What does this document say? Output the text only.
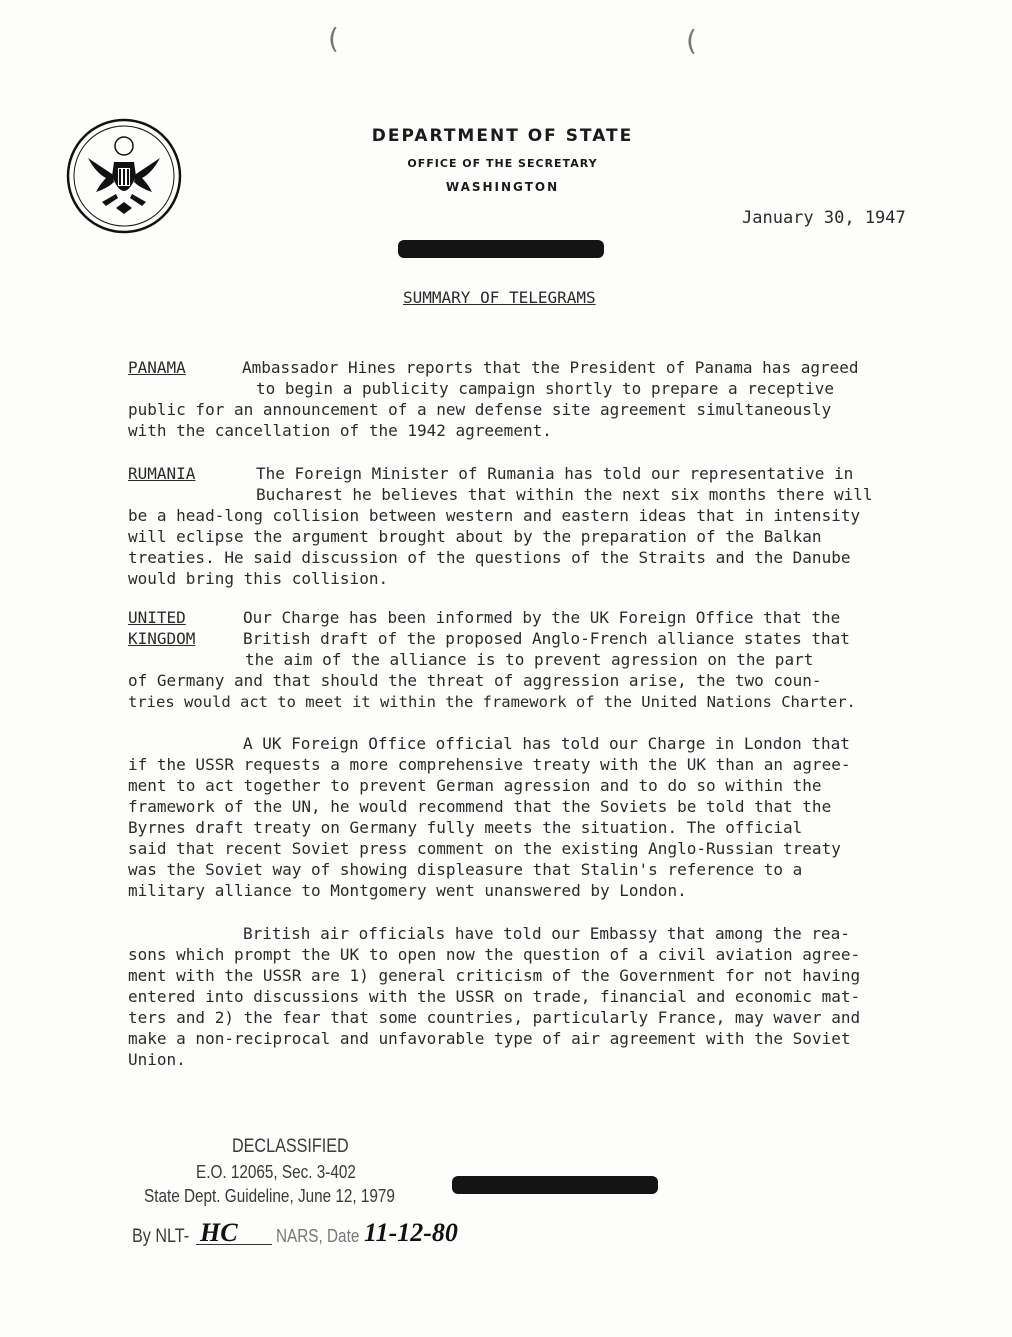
DEPARTMENT OF STATE
OFFICE OF THE SECRETARY
WASHINGTON
(	(
January 30, 1947
SUMMARY OF TELEGRAMS
PANAMA	Ambassador Hines reports that the President of Panama has agreed
to begin a publicity campaign shortly to prepare a receptive
public for an announcement of a new defense site agreement simultaneously
with the cancellation of the 1942 agreement.
RUMANIA	The Foreign Minister of Rumania has told our representative in
Bucharest he believes that within the next six months there will
be a head-long collision between western and eastern ideas that in intensity
will eclipse the argument brought about by the preparation of the Balkan
treaties. He said discussion of the questions of the Straits and the Danube
would bring this collision.
UNITED
KINGDOM
Our Charge has been informed by the UK Foreign Office that the
British draft of the proposed Anglo-French alliance states that
the aim of the alliance is to prevent agression on the part
of Germany and that should the threat of aggression arise, the two coun-
tries would act to meet it within the framework of the United Nations Charter.
A UK Foreign Office official has told our Charge in London that
if the USSR requests a more comprehensive treaty with the UK than an agree-
ment to act together to prevent German agression and to do so within the
framework of the UN, he would recommend that the Soviets be told that the
Byrnes draft treaty on Germany fully meets the situation. The official
said that recent Soviet press comment on the existing Anglo-Russian treaty
was the Soviet way of showing displeasure that Stalin's reference to a
military alliance to Montgomery went unanswered by London.
British air officials have told our Embassy that among the rea-
sons which prompt the UK to open now the question of a civil aviation agree-
ment with the USSR are 1) general criticism of the Government for not having
entered into discussions with the USSR on trade, financial and economic mat-
ters and 2) the fear that some countries, particularly France, may waver and
make a non-reciprocal and unfavorable type of air agreement with the Soviet
Union.
DECLASSIFIED
E.O. 12065, Sec. 3-402
State Dept. Guideline, June 12, 1979
By NLT- HC NARS, Date 11-12-80
